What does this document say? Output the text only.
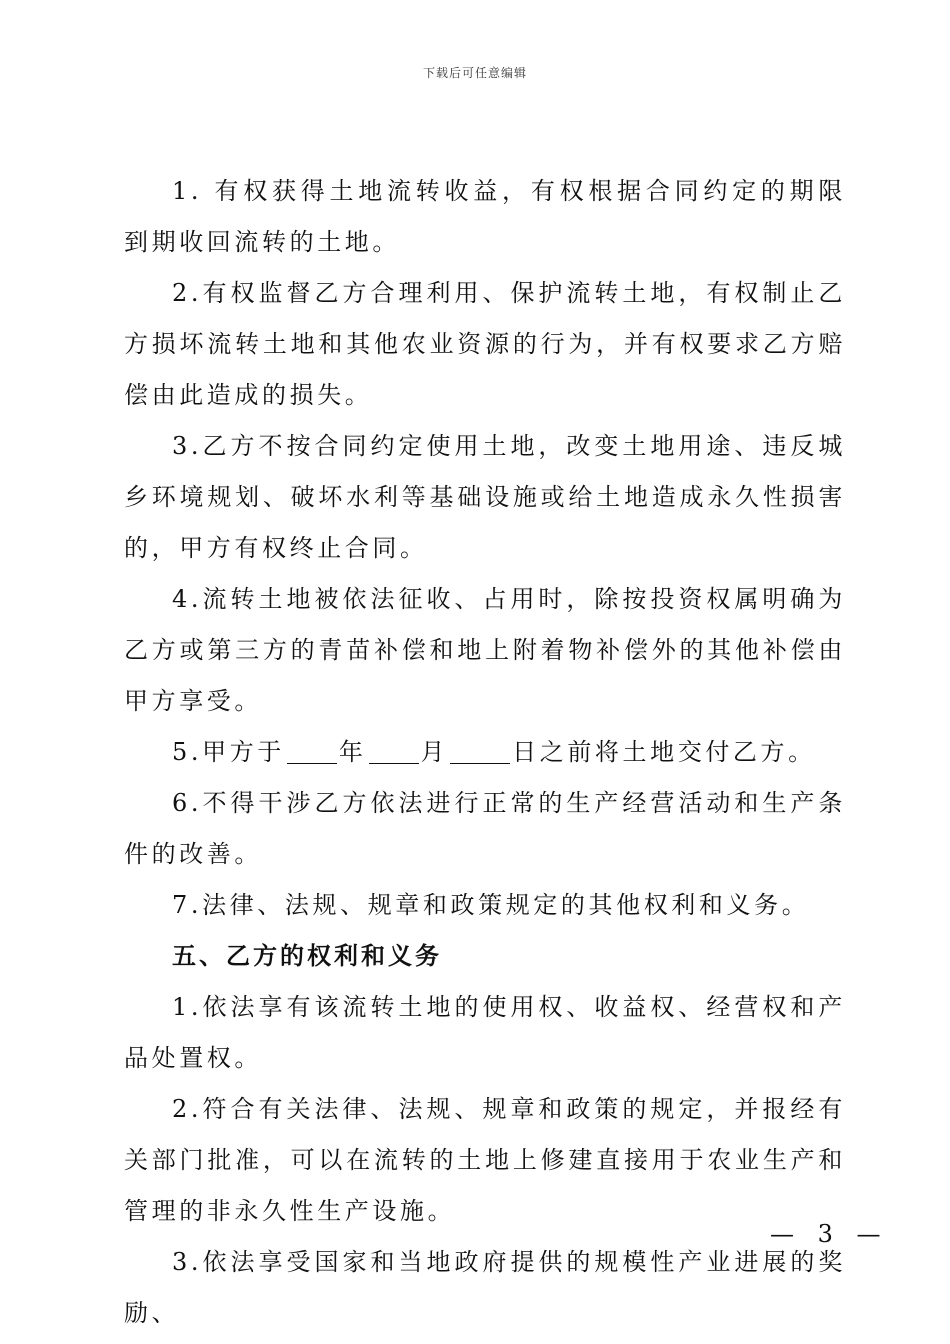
下载后可任意编辑

1. 有权获得土地流转收益，有权根据合同约定的期限到期收回流转的土地。

2.有权监督乙方合理利用、保护流转土地，有权制止乙方损坏流转土地和其他农业资源的行为，并有权要求乙方赔偿由此造成的损失。

3.乙方不按合同约定使用土地，改变土地用途、违反城乡环境规划、破坏水利等基础设施或给土地造成永久性损害的，甲方有权终止合同。

4.流转土地被依法征收、占用时，除按投资权属明确为乙方或第三方的青苗补偿和地上附着物补偿外的其他补偿由甲方享受。

5.甲方于 年 月	日之前将土地交付乙方。

6.不得干涉乙方依法进行正常的生产经营活动和生产条件的改善。

7.法律、法规、规章和政策规定的其他权利和义务。

五、乙方的权利和义务

1.依法享有该流转土地的使用权、收益权、经营权和产品处置权。

2.符合有关法律、法规、规章和政策的规定，并报经有关部门批准，可以在流转的土地上修建直接用于农业生产和管理的非永久性生产设施。

3.依法享受国家和当地政府提供的规模性产业进展的奖励、

— 3 —
